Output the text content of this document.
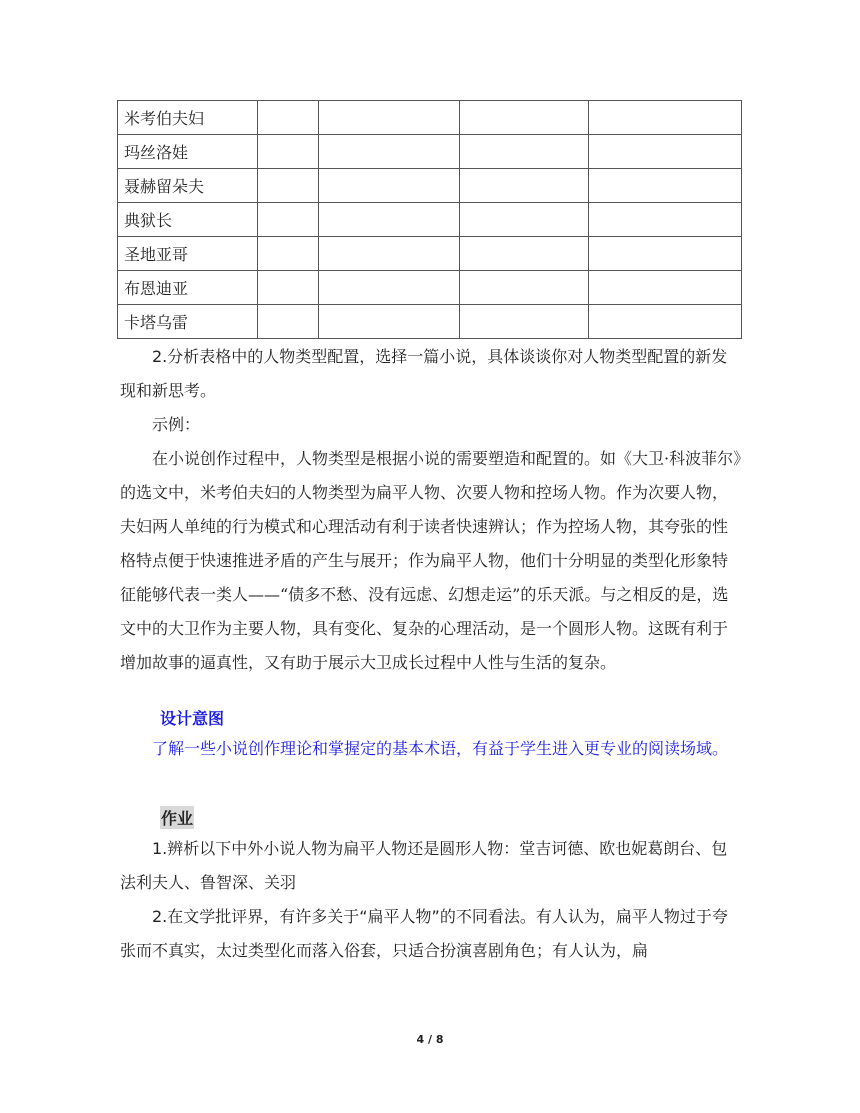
米考伯夫妇				
玛丝洛娃				
聂赫留朵夫				
典狱长				
圣地亚哥				
布恩迪亚				
卡塔乌雷				

2.分析表格中的人物类型配置，选择一篇小说，具体谈谈你对人物类型配置的新发现和新思考。

示例：

在小说创作过程中，人物类型是根据小说的需要塑造和配置的。如《大卫·科波菲尔》的选文中，米考伯夫妇的人物类型为扁平人物、次要人物和控场人物。作为次要人物，夫妇两人单纯的行为模式和心理活动有利于读者快速辨认；作为控场人物，其夸张的性格特点便于快速推进矛盾的产生与展开；作为扁平人物，他们十分明显的类型化形象特征能够代表一类人——“债多不愁、没有远虑、幻想走运”的乐天派。与之相反的是，选文中的大卫作为主要人物，具有变化、复杂的心理活动，是一个圆形人物。这既有利于增加故事的逼真性，又有助于展示大卫成长过程中人性与生活的复杂。

设计意图

了解一些小说创作理论和掌握定的基本术语，有益于学生进入更专业的阅读场域。

作业

1.辨析以下中外小说人物为扁平人物还是圆形人物：堂吉诃德、欧也妮葛朗台、包法利夫人、鲁智深、关羽

2.在文学批评界，有许多关于“扁平人物”的不同看法。有人认为，扁平人物过于夸张而不真实，太过类型化而落入俗套，只适合扮演喜剧角色；有人认为，扁

4 / 8
